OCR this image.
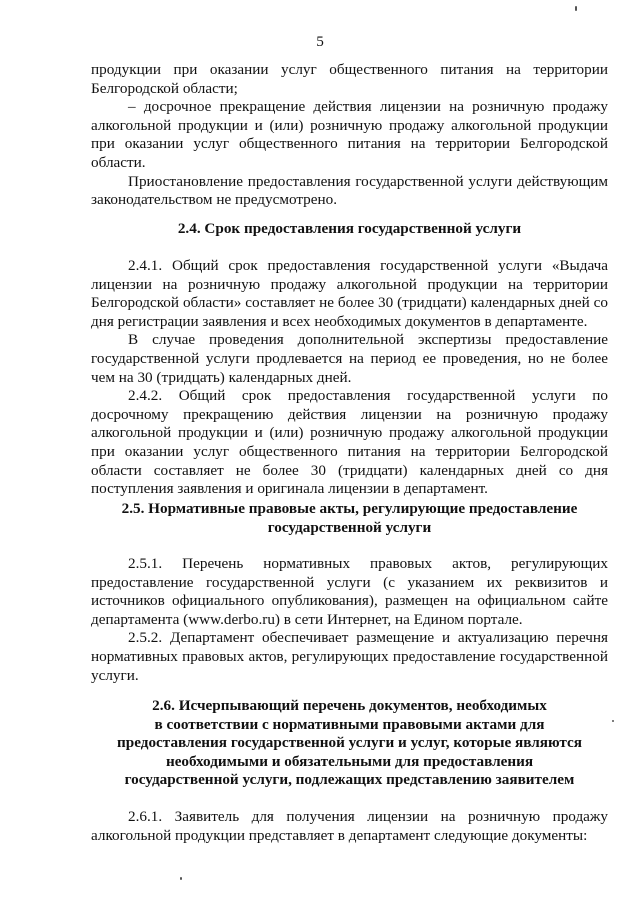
5

продукции при оказании услуг общественного питания на территории Белгородской области;

– досрочное прекращение действия лицензии на розничную продажу алкогольной продукции и (или) розничную продажу алкогольной продукции при оказании услуг общественного питания на территории Белгородской области.

Приостановление предоставления государственной услуги действующим законодательством не предусмотрено.

2.4. Срок предоставления государственной услуги

2.4.1. Общий срок предоставления государственной услуги «Выдача лицензии на розничную продажу алкогольной продукции на территории Белгородской области» составляет не более 30 (тридцати) календарных дней со дня регистрации заявления и всех необходимых документов в департаменте.

В случае проведения дополнительной экспертизы предоставление государственной услуги продлевается на период ее проведения, но не более чем на 30 (тридцать) календарных дней.

2.4.2. Общий срок предоставления государственной услуги по досрочному прекращению действия лицензии на розничную продажу алкогольной продукции и (или) розничную продажу алкогольной продукции при оказании услуг общественного питания на территории Белгородской области составляет не более 30 (тридцати) календарных дней со дня поступления заявления и оригинала лицензии в департамент.

2.5. Нормативные правовые акты, регулирующие предоставление
государственной услуги

2.5.1. Перечень нормативных правовых актов, регулирующих предоставление государственной услуги (с указанием их реквизитов и источников официального опубликования), размещен на официальном сайте департамента (www.derbo.ru) в сети Интернет, на Едином портале.

2.5.2. Департамент обеспечивает размещение и актуализацию перечня нормативных правовых актов, регулирующих предоставление государственной услуги.

2.6. Исчерпывающий перечень документов, необходимых
в соответствии с нормативными правовыми актами для
предоставления государственной услуги и услуг, которые являются
необходимыми и обязательными для предоставления
государственной услуги, подлежащих представлению заявителем

2.6.1. Заявитель для получения лицензии на розничную продажу алкогольной продукции представляет в департамент следующие документы:
